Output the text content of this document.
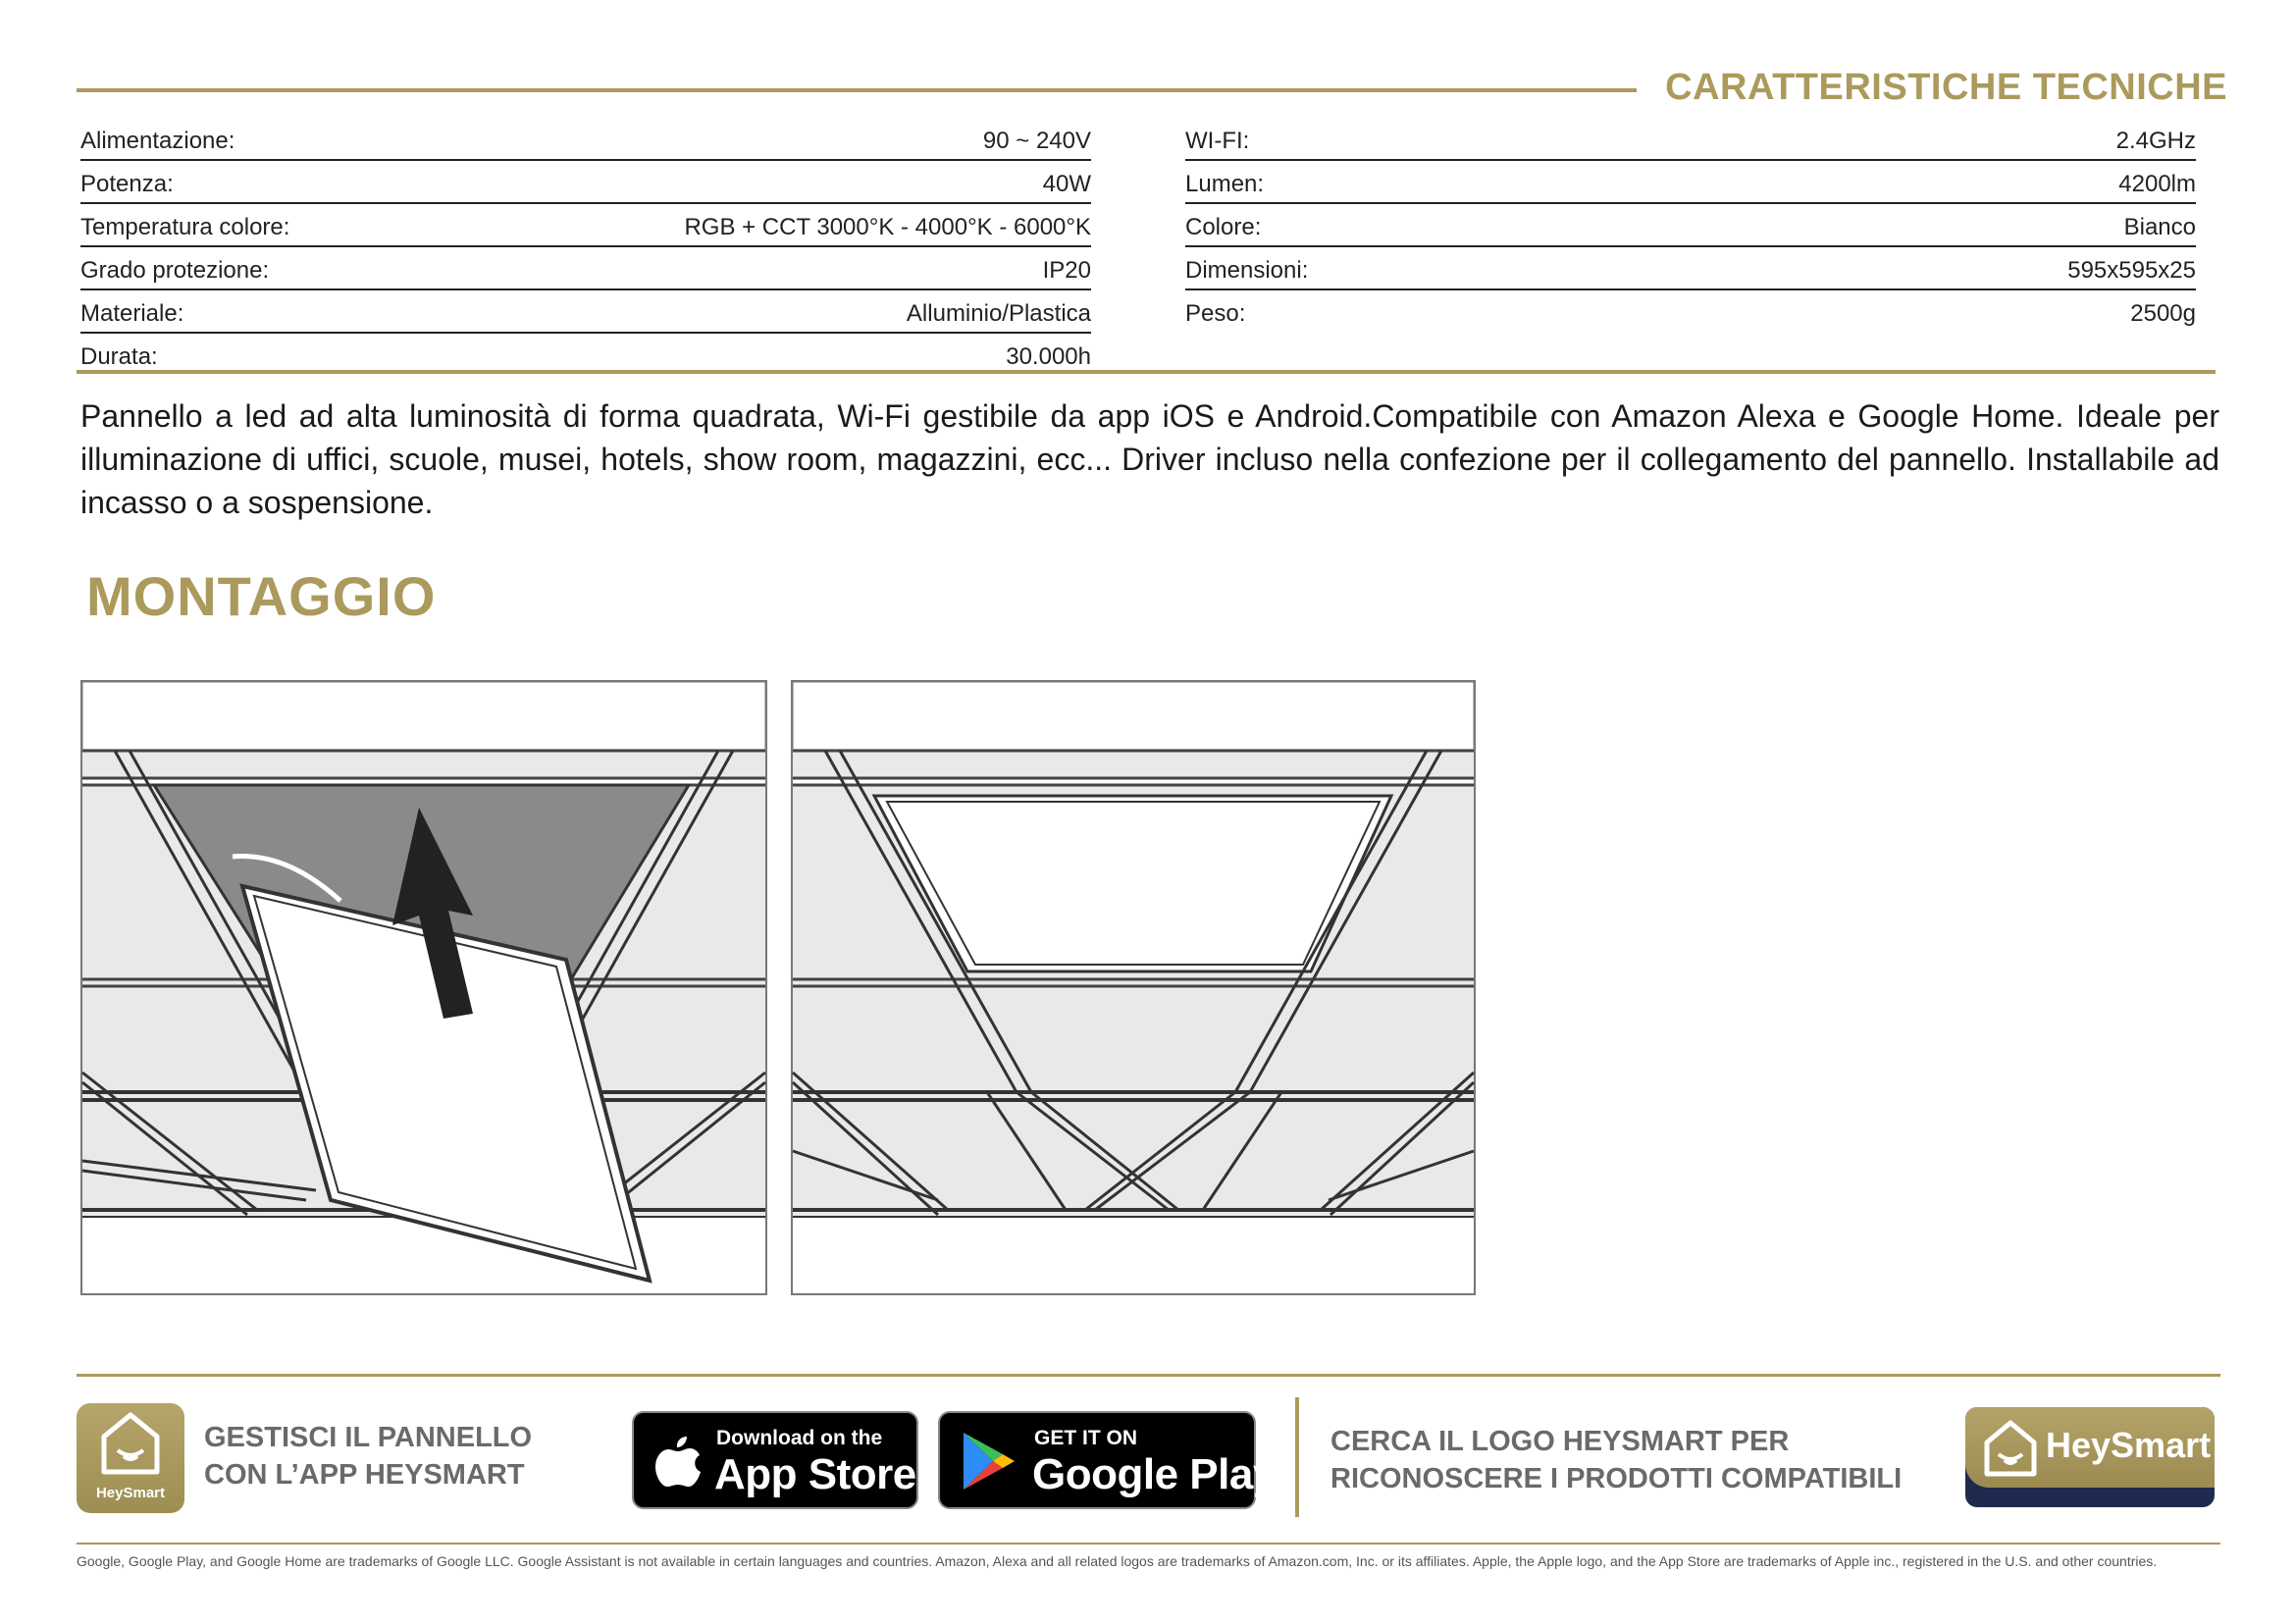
CARATTERISTICHE TECNICHE
Alimentazione:	90 ~ 240V
Potenza:	40W
Temperatura colore:	RGB + CCT 3000°K - 4000°K - 6000°K
Grado protezione:	IP20
Materiale:	Alluminio/Plastica
Durata:	30.000h
WI-FI:	2.4GHz
Lumen:	4200lm
Colore:	Bianco
Dimensioni:	595x595x25
Peso:	2500g
Pannello a led ad alta luminosità di forma quadrata, Wi-Fi gestibile da app iOS e Android.Compatibile con Amazon Alexa e Google Home. Ideale per illuminazione di uffici, scuole, musei, hotels, show room, magazzini, ecc... Driver incluso nella confezione per il collegamento del pannello. Installabile ad incasso o a sospensione.
MONTAGGIO
HeySmart
GESTISCI IL PANNELLO
CON L’APP HEYSMART
Download on the
App Store
GET IT ON
Google Play
CERCA IL LOGO HEYSMART PER
RICONOSCERE I PRODOTTI COMPATIBILI
HeySmart
Google, Google Play, and Google Home are trademarks of Google LLC. Google Assistant is not available in certain languages and countries. Amazon, Alexa and all related logos are trademarks of Amazon.com, Inc. or its affiliates. Apple, the Apple logo, and the App Store are trademarks of Apple inc., registered in the U.S. and other countries.
